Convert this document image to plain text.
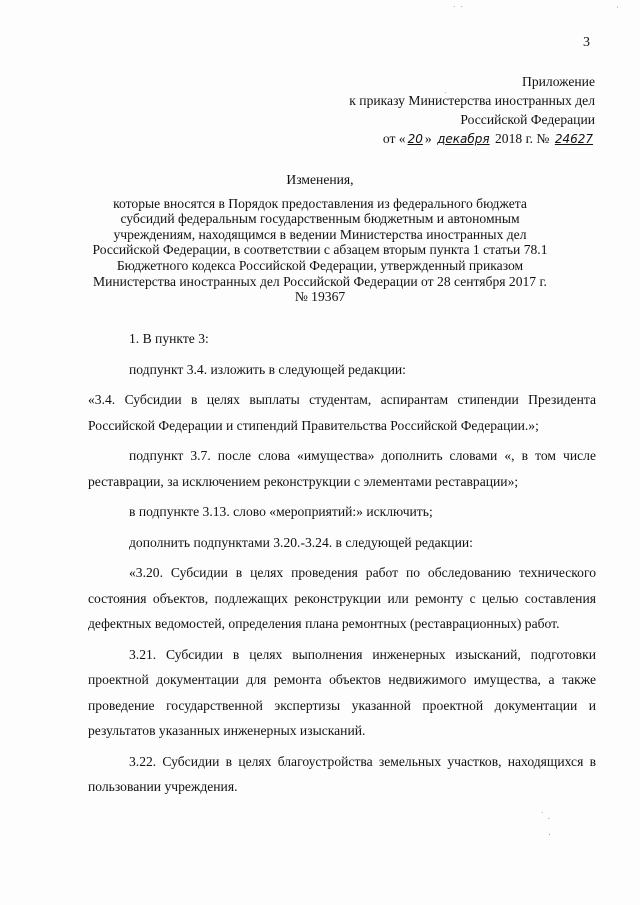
˙ ˙	˙
.
˙ .
.
3
Приложение
к приказу Министерства иностранных дел
Российской Федерации
от « 20 » декабря 2018 г. № 24627
Изменения,
которые вносятся в Порядок предоставления из федерального бюджета субсидий федеральным государственным бюджетным и автономным учреждениям, находящимся в ведении Министерства иностранных дел Российской Федерации, в соответствии с абзацем вторым пункта 1 статьи 78.1 Бюджетного кодекса Российской Федерации, утвержденный приказом Министерства иностранных дел Российской Федерации от 28 сентября 2017 г. № 19367

1. В пункте 3:

подпункт 3.4. изложить в следующей редакции:

«3.4. Субсидии в целях выплаты студентам, аспирантам стипендии Президента Российской Федерации и стипендий Правительства Российской Федерации.»;

подпункт 3.7. после слова «имущества» дополнить словами «, в том числе реставрации, за исключением реконструкции с элементами реставрации»;

в подпункте 3.13. слово «мероприятий:» исключить;

дополнить подпунктами 3.20.-3.24. в следующей редакции:

«3.20. Субсидии в целях проведения работ по обследованию технического состояния объектов, подлежащих реконструкции или ремонту с целью составления дефектных ведомостей, определения плана ремонтных (реставрационных) работ.

3.21. Субсидии в целях выполнения инженерных изысканий, подготовки проектной документации для ремонта объектов недвижимого имущества, а также проведение государственной экспертизы указанной проектной документации и результатов указанных инженерных изысканий.

3.22. Субсидии в целях благоустройства земельных участков, находящихся в пользовании учреждения.
